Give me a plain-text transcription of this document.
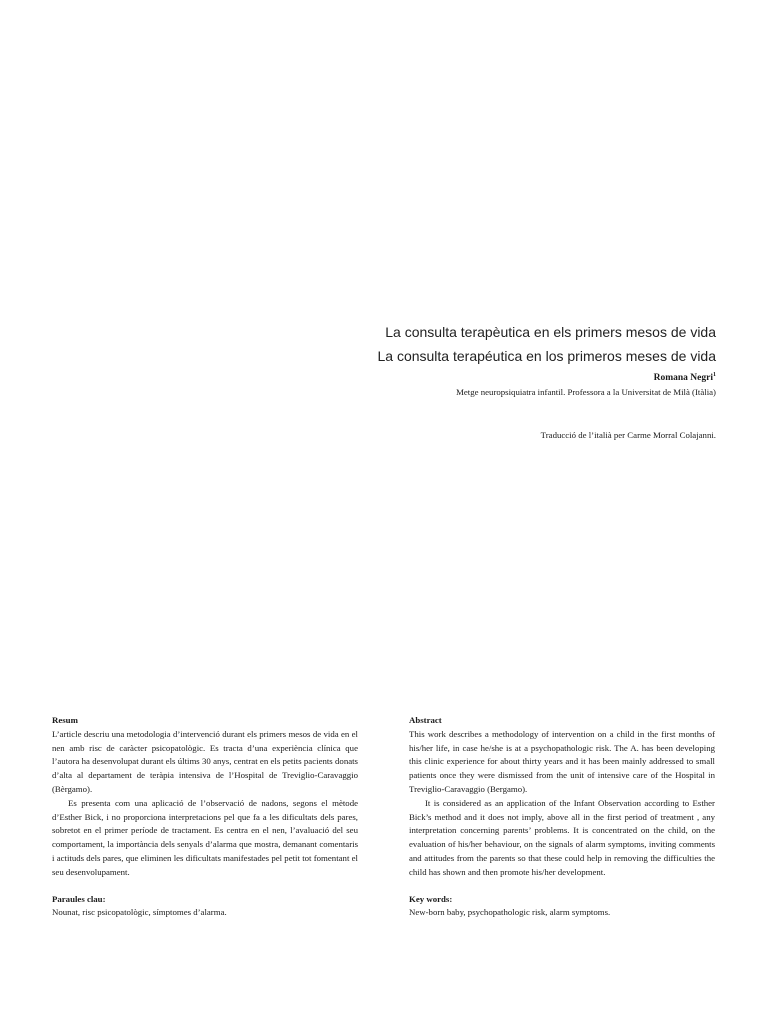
La consulta terapèutica en els primers mesos de vida
La consulta terapéutica en los primeros meses de vida
Romana Negri$^1$
Metge neuropsiquiatra infantil. Professora a la Universitat de Milà (Itàlia)
Traducció de l’italià per Carme Morral Colajanni.

Resum

L’article descriu una metodologia d’intervenció durant els primers mesos de vida en el nen amb risc de caràcter psicopatològic. Es tracta d’una experiència clínica que l’autora ha desenvolupat durant els últims 30 anys, centrat en els petits pacients donats d’alta al departament de teràpia intensiva de l’Hospital de Treviglio-Caravaggio (Bèrgamo).

Es presenta com una aplicació de l’observació de nadons, segons el mètode d’Esther Bick, i no proporciona interpretacions pel que fa a les dificultats dels pares, sobretot en el primer període de tractament. Es centra en el nen, l’avaluació del seu comportament, la importància dels senyals d’alarma que mostra, demanant comentaris i actituds dels pares, que eliminen les dificultats manifestades pel petit tot fomentant el seu desenvolupament.

Paraules clau:

Nounat, risc psicopatològic, símptomes d’alarma.

Abstract

This work describes a methodology of intervention on a child in the first months of his/her life, in case he/she is at a psychopathologic risk. The A. has been developing this clinic experience for about thirty years and it has been mainly addressed to small patients once they were dismissed from the unit of intensive care of the Hospital in Treviglio-Caravaggio (Bergamo).

It is considered as an application of the Infant Observation according to Esther Bick’s method and it does not imply, above all in the first period of treatment , any interpretation concerning parents’ problems. It is concentrated on the child, on the evaluation of his/her behaviour, on the signals of alarm symptoms, inviting comments and attitudes from the parents so that these could help in removing the difficulties the child has shown and then promote his/her development.

Key words:

New-born baby, psychopathologic risk, alarm symptoms.
